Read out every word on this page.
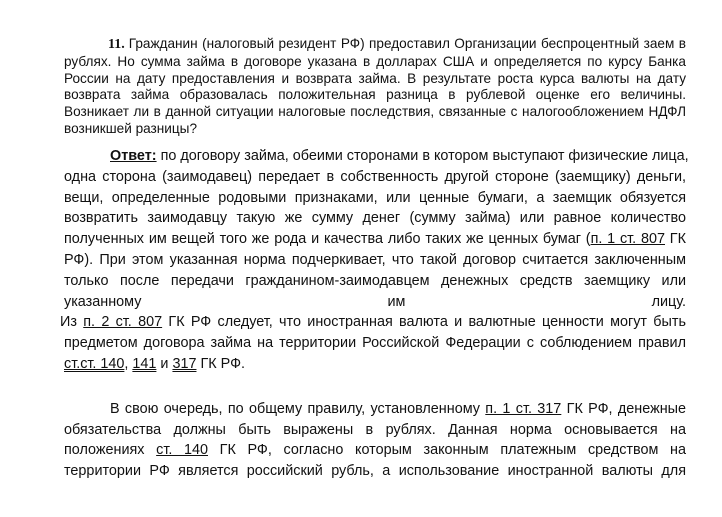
11. Гражданин (налоговый резидент РФ) предоставил Организации беспроцентный заем в рублях. Но сумма займа в договоре указана в долларах США и определяется по курсу Банка России на дату предоставления и возврата займа. В результате роста курса валюты на дату возврата займа образовалась положительная разница в рублевой оценке его величины. Возникает ли в данной ситуации налоговые последствия, связанные с налогообложением НДФЛ возникшей разницы?

Ответ: по договору займа, обеими сторонами в котором выступают физические лица,
одна сторона (заимодавец) передает в собственность другой стороне (заемщику) деньги,
вещи, определенные родовыми признаками, или ценные бумаги, а заемщик обязуется
возвратить заимодавцу такую же сумму денег (сумму займа) или равное количество
полученных им вещей того же рода и качества либо таких же ценных бумаг (п. 1 ст. 807 ГК
РФ). При этом указанная норма подчеркивает, что такой договор считается заключенным
только после передачи гражданином-заимодавцем денежных средств заемщику или
указанному	им	лицу.
Из п. 2 ст. 807 ГК РФ следует, что иностранная валюта и валютные ценности могут быть
предметом договора займа на территории Российской Федерации с соблюдением правил
ст.ст. 140, 141 и 317 ГК РФ.
В свою очередь, по общему правилу, установленному п. 1 ст. 317 ГК РФ, денежные
обязательства должны быть выражены в рублях. Данная норма основывается на
положениях ст. 140 ГК РФ, согласно которым законным платежным средством на
территории РФ является российский рубль, а использование иностранной валюты для
